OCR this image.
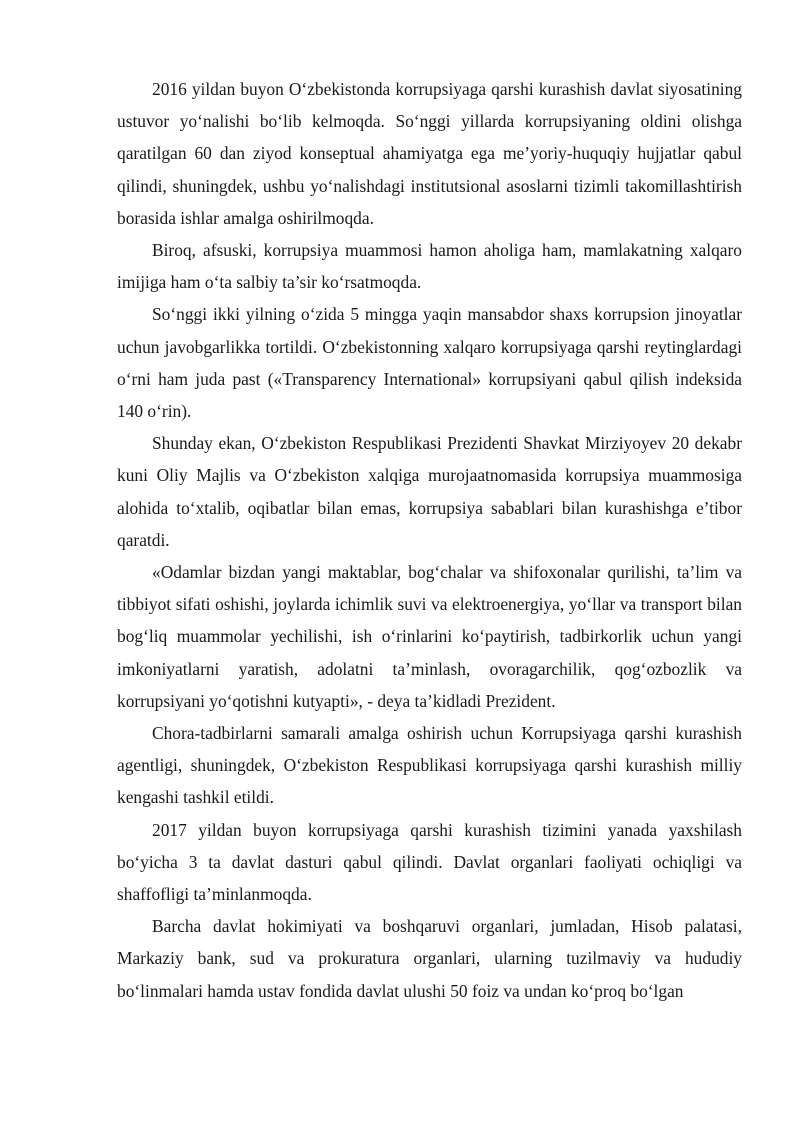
2016 yildan buyon O‘zbekistonda korrupsiyaga qarshi kurashish davlat siyosatining ustuvor yo‘nalishi bo‘lib kelmoqda. So‘nggi yillarda korrupsiyaning oldini olishga qaratilgan 60 dan ziyod konseptual ahamiyatga ega me’yoriy-huquqiy hujjatlar qabul qilindi, shuningdek, ushbu yo‘nalishdagi institutsional asoslarni tizimli takomillashtirish borasida ishlar amalga oshirilmoqda.

Biroq, afsuski, korrupsiya muammosi hamon aholiga ham, mamlakatning xalqaro imijiga ham o‘ta salbiy ta’sir ko‘rsatmoqda.

So‘nggi ikki yilning o‘zida 5 mingga yaqin mansabdor shaxs korrupsion jinoyatlar uchun javobgarlikka tortildi. O‘zbekistonning xalqaro korrupsiyaga qarshi reytinglardagi o‘rni ham juda past («Transparency International» korrupsiyani qabul qilish indeksida 140 o‘rin).

Shunday ekan, O‘zbekiston Respublikasi Prezidenti Shavkat Mirziyoyev 20 dekabr kuni Oliy Majlis va O‘zbekiston xalqiga murojaatnomasida korrupsiya muammosiga alohida to‘xtalib, oqibatlar bilan emas, korrupsiya sabablari bilan kurashishga e’tibor qaratdi.

«Odamlar bizdan yangi maktablar, bog‘chalar va shifoxonalar qurilishi, ta’lim va tibbiyot sifati oshishi, joylarda ichimlik suvi va elektroenergiya, yo‘llar va transport bilan bog‘liq muammolar yechilishi, ish o‘rinlarini ko‘paytirish, tadbirkorlik uchun yangi imkoniyatlarni yaratish, adolatni ta’minlash, ovoragarchilik, qog‘ozbozlik va korrupsiyani yo‘qotishni kutyapti», - deya ta’kidladi Prezident.

Chora-tadbirlarni samarali amalga oshirish uchun Korrupsiyaga qarshi kurashish agentligi, shuningdek, O‘zbekiston Respublikasi korrupsiyaga qarshi kurashish milliy kengashi tashkil etildi.

2017 yildan buyon korrupsiyaga qarshi kurashish tizimini yanada yaxshilash bo‘yicha 3 ta davlat dasturi qabul qilindi. Davlat organlari faoliyati ochiqligi va shaffofligi ta’minlanmoqda.

Barcha davlat hokimiyati va boshqaruvi organlari, jumladan, Hisob palatasi, Markaziy bank, sud va prokuratura organlari, ularning tuzilmaviy va hududiy bo‘linmalari hamda ustav fondida davlat ulushi 50 foiz va undan ko‘proq bo‘lgan
